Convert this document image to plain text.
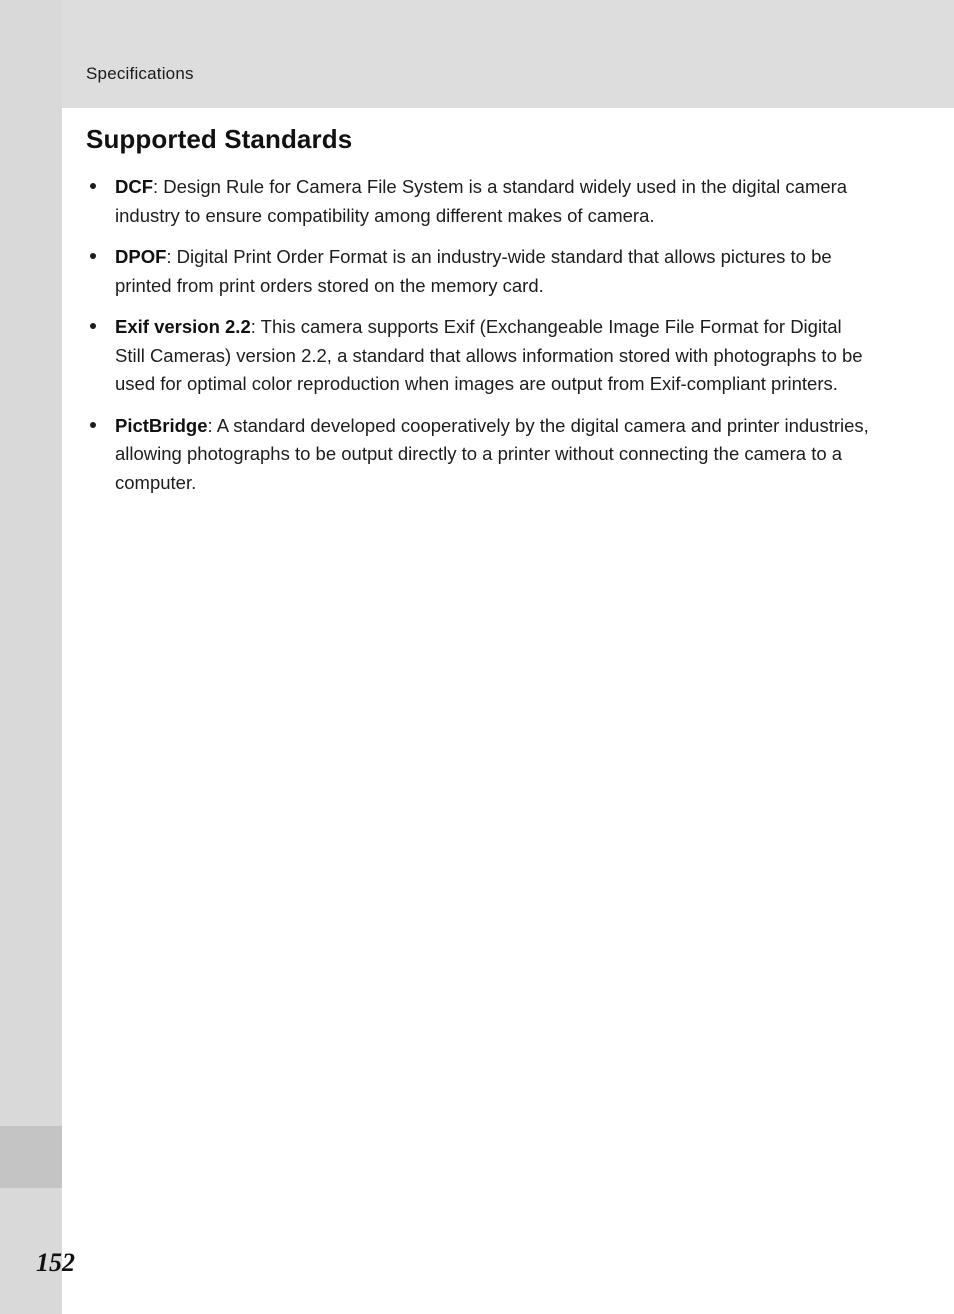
Specifications
Supported Standards
DCF: Design Rule for Camera File System is a standard widely used in the digital camera industry to ensure compatibility among different makes of camera.
DPOF: Digital Print Order Format is an industry-wide standard that allows pictures to be printed from print orders stored on the memory card.
Exif version 2.2: This camera supports Exif (Exchangeable Image File Format for Digital Still Cameras) version 2.2, a standard that allows information stored with photographs to be used for optimal color reproduction when images are output from Exif-compliant printers.
PictBridge: A standard developed cooperatively by the digital camera and printer industries, allowing photographs to be output directly to a printer without connecting the camera to a computer.
152
